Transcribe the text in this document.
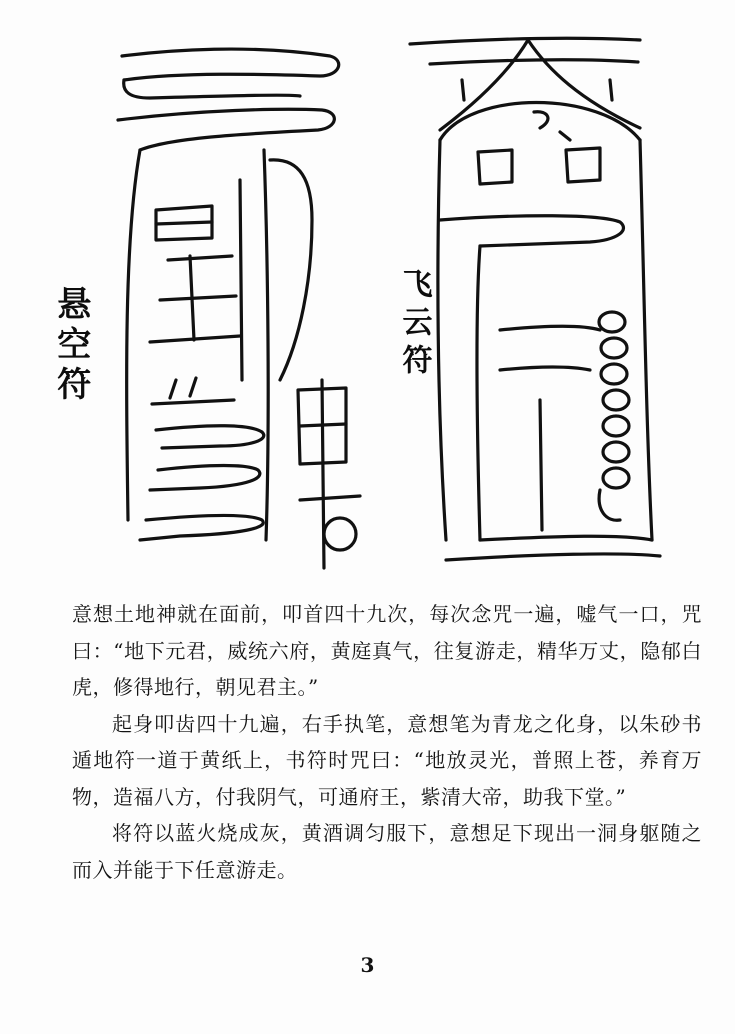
悬空符	飞云符

意想土地神就在面前，叩首四十九次，每次念咒一遍，嘘气一口，咒曰：“地下元君，威统六府，黄庭真气，往复游走，精华万丈，隐郁白虎，修得地行，朝见君主。”

起身叩齿四十九遍，右手执笔，意想笔为青龙之化身，以朱砂书遁地符一道于黄纸上，书符时咒曰：“地放灵光，普照上苍，养育万物，造福八方，付我阴气，可通府王，紫清大帝，助我下堂。”

将符以蓝火烧成灰，黄酒调匀服下，意想足下现出一洞身躯随之而入并能于下任意游走。

3
